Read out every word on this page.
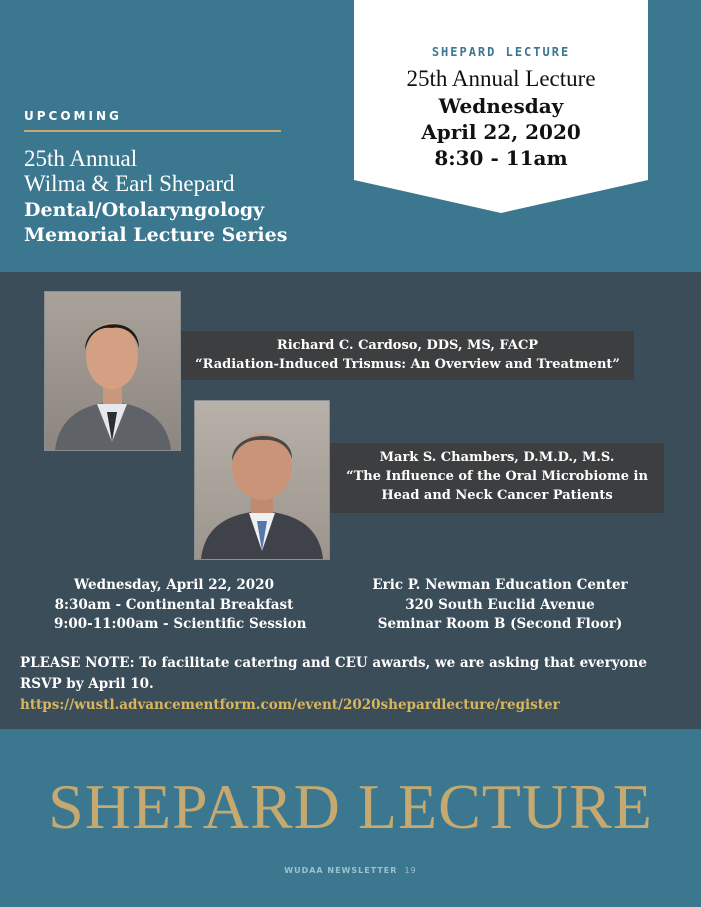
UPCOMING
25th Annual
Wilma & Earl Shepard
Dental/Otolaryngology
Memorial Lecture Series
SHEPARD LECTURE
25th Annual Lecture
Wednesday
April 22, 2020
8:30 - 11am
Richard C. Cardoso, DDS, MS, FACP
“Radiation-Induced Trismus: An Overview and Treatment”
Mark S. Chambers, D.M.D., M.S.
“The Influence of the Oral Microbiome in
Head and Neck Cancer Patients
Wednesday, April 22, 2020
8:30am - Continental Breakfast
9:00-11:00am - Scientific Session
Eric P. Newman Education Center
320 South Euclid Avenue
Seminar Room B (Second Floor)
PLEASE NOTE: To facilitate catering and CEU awards, we are asking that everyone RSVP by April 10. https://wustl.advancementform.com/event/2020shepardlecture/register
SHEPARD LECTURE
WUDAA NEWSLETTER 19
